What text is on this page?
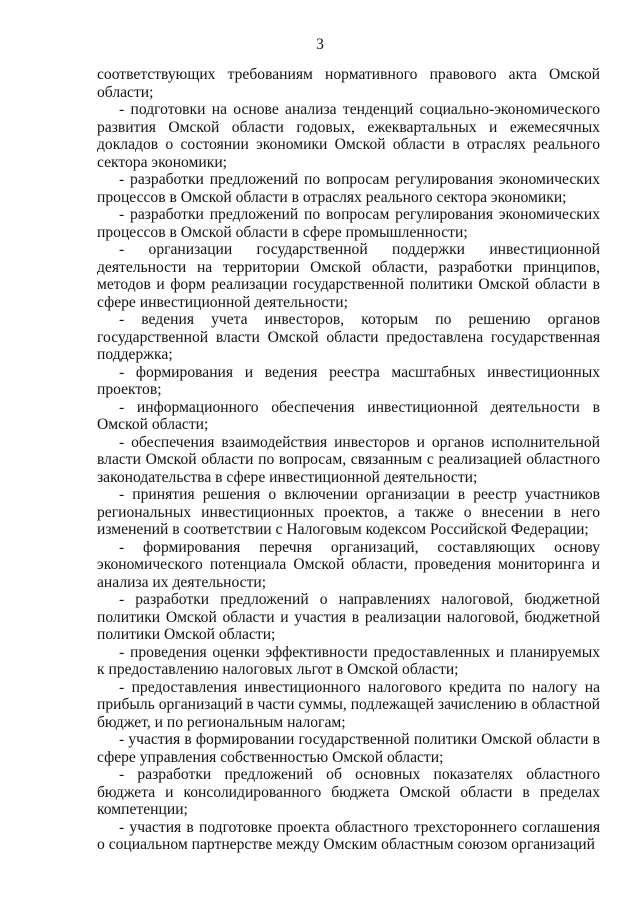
3

соответствующих требованиям нормативного правового акта Омской области;

- подготовки на основе анализа тенденций социально-экономического развития Омской области годовых, ежеквартальных и ежемесячных докладов о состоянии экономики Омской области в отраслях реального сектора экономики;

- разработки предложений по вопросам регулирования экономических процессов в Омской области в отраслях реального сектора экономики;

- разработки предложений по вопросам регулирования экономических процессов в Омской области в сфере промышленности;

- организации государственной поддержки инвестиционной деятельности на территории Омской области, разработки принципов, методов и форм реализации государственной политики Омской области в сфере инвестиционной деятельности;

- ведения учета инвесторов, которым по решению органов государственной власти Омской области предоставлена государственная поддержка;

- формирования и ведения реестра масштабных инвестиционных проектов;

- информационного обеспечения инвестиционной деятельности в Омской области;

- обеспечения взаимодействия инвесторов и органов исполнительной власти Омской области по вопросам, связанным с реализацией областного законодательства в сфере инвестиционной деятельности;

- принятия решения о включении организации в реестр участников региональных инвестиционных проектов, а также о внесении в него изменений в соответствии с Налоговым кодексом Российской Федерации;

- формирования перечня организаций, составляющих основу экономического потенциала Омской области, проведения мониторинга и анализа их деятельности;

- разработки предложений о направлениях налоговой, бюджетной политики Омской области и участия в реализации налоговой, бюджетной политики Омской области;

- проведения оценки эффективности предоставленных и планируемых к предоставлению налоговых льгот в Омской области;

- предоставления инвестиционного налогового кредита по налогу на прибыль организаций в части суммы, подлежащей зачислению в областной бюджет, и по региональным налогам;

- участия в формировании государственной политики Омской области в сфере управления собственностью Омской области;

- разработки предложений об основных показателях областного бюджета и консолидированного бюджета Омской области в пределах компетенции;

- участия в подготовке проекта областного трехстороннего соглашения о социальном партнерстве между Омским областным союзом организаций
